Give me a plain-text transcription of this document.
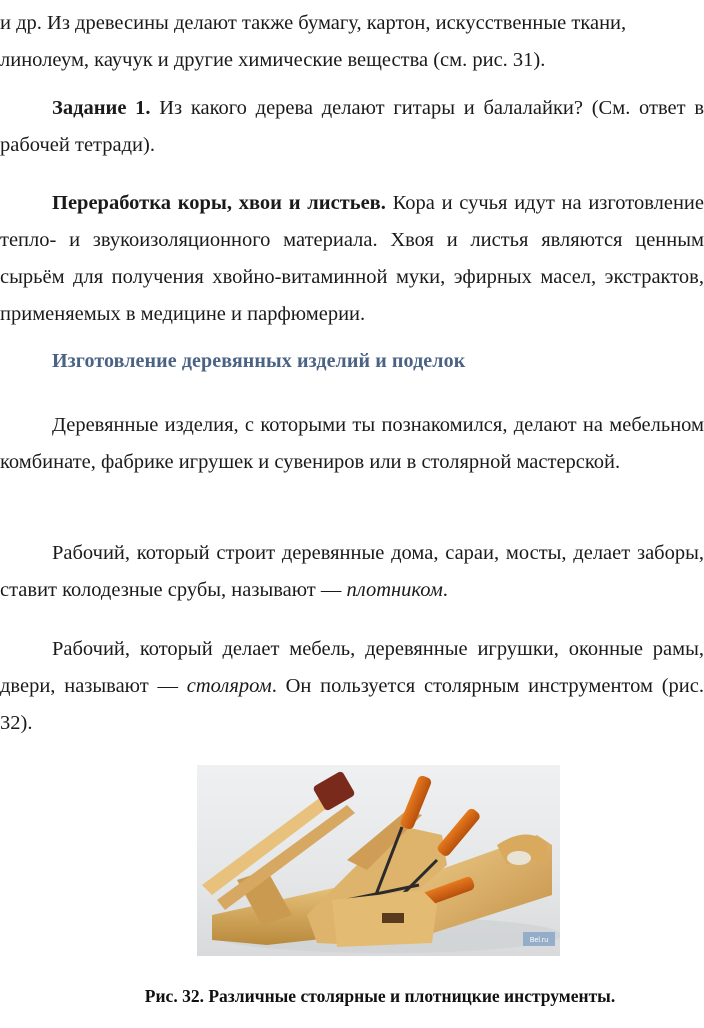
и др. Из древесины делают также бумагу, картон, искусственные ткани,

линолеум, каучук и другие химические вещества (см. рис. 31).

Задание 1. Из какого дерева делают гитары и балалайки? (См. ответ в рабочей тетради).

Переработка коры, хвои и листьев. Кора и сучья идут на изготовление тепло- и звукоизоляционного материала. Хвоя и листья являются ценным сырьём для получения хвойно-витаминной муки, эфирных масел, экстрактов, применяемых в медицине и парфюмерии.

Изготовление деревянных изделий и поделок

Деревянные изделия, с которыми ты познакомился, делают на мебельном комбинате, фабрике игрушек и сувениров или в столярной мастерской.

Рабочий, который строит деревянные дома, сараи, мосты, делает заборы, ставит колодезные срубы, называют — плотником.

Рабочий, который делает мебель, деревянные игрушки, оконные рамы, двери, называют — столяром. Он пользуется столярным инструментом (рис. 32).

Bel.ru

Рис. 32. Различные столярные и плотницкие инструменты.
